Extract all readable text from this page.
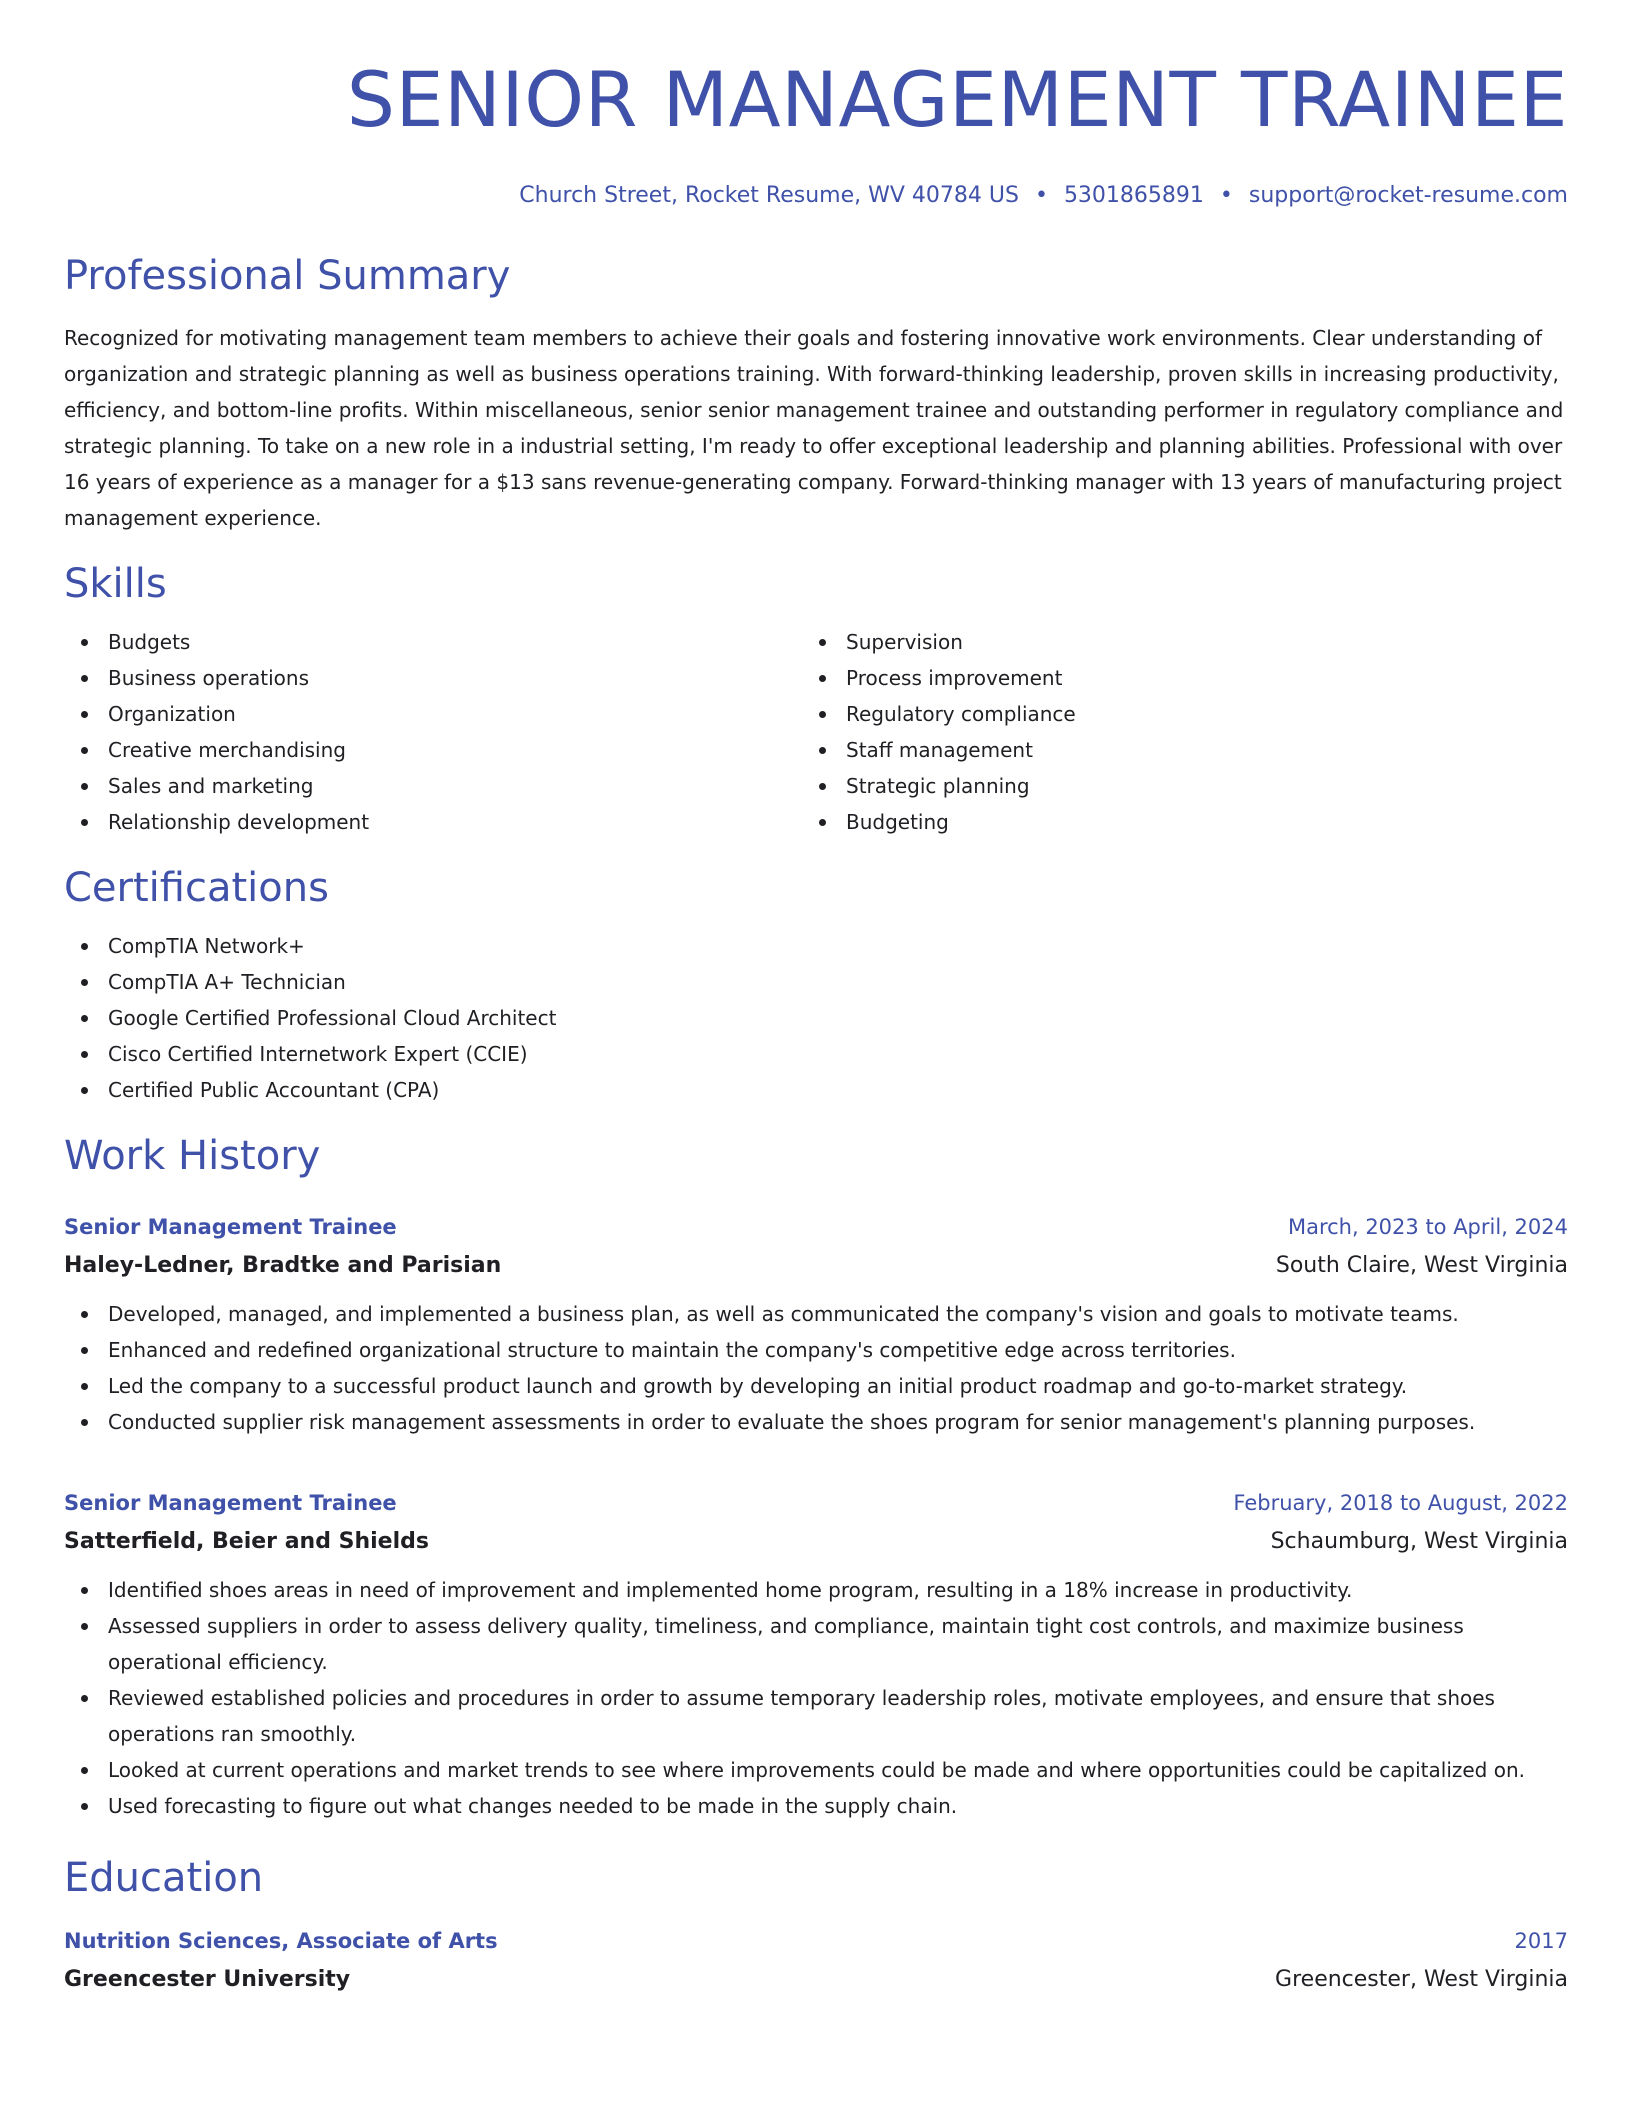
SENIOR MANAGEMENT TRAINEE
Church Street, Rocket Resume, WV 40784 US • 5301865891 • support@rocket-resume.com
Professional Summary

Recognized for motivating management team members to achieve their goals and fostering innovative work environments. Clear understanding of organization and strategic planning as well as business operations training. With forward-thinking leadership, proven skills in increasing productivity, efficiency, and bottom-line profits. Within miscellaneous, senior senior management trainee and outstanding performer in regulatory compliance and strategic planning. To take on a new role in a industrial setting, I'm ready to offer exceptional leadership and planning abilities. Professional with over 16 years of experience as a manager for a $13 sans revenue-generating company. Forward-thinking manager with 13 years of manufacturing project management experience.

Skills
Budgets
Business operations
Organization
Creative merchandising
Sales and marketing
Relationship development
Supervision
Process improvement
Regulatory compliance
Staff management
Strategic planning
Budgeting
Certifications
CompTIA Network+
CompTIA A+ Technician
Google Certified Professional Cloud Architect
Cisco Certified Internetwork Expert (CCIE)
Certified Public Accountant (CPA)
Work History
Senior Management Trainee	March, 2023 to April, 2024
Haley-Ledner, Bradtke and Parisian	South Claire, West Virginia
Developed, managed, and implemented a business plan, as well as communicated the company's vision and goals to motivate teams.
Enhanced and redefined organizational structure to maintain the company's competitive edge across territories.
Led the company to a successful product launch and growth by developing an initial product roadmap and go-to-market strategy.
Conducted supplier risk management assessments in order to evaluate the shoes program for senior management's planning purposes.
Senior Management Trainee	February, 2018 to August, 2022
Satterfield, Beier and Shields	Schaumburg, West Virginia
Identified shoes areas in need of improvement and implemented home program, resulting in a 18% increase in productivity.
Assessed suppliers in order to assess delivery quality, timeliness, and compliance, maintain tight cost controls, and maximize business operational efficiency.
Reviewed established policies and procedures in order to assume temporary leadership roles, motivate employees, and ensure that shoes operations ran smoothly.
Looked at current operations and market trends to see where improvements could be made and where opportunities could be capitalized on.
Used forecasting to figure out what changes needed to be made in the supply chain.
Education
Nutrition Sciences, Associate of Arts	2017
Greencester University	Greencester, West Virginia
